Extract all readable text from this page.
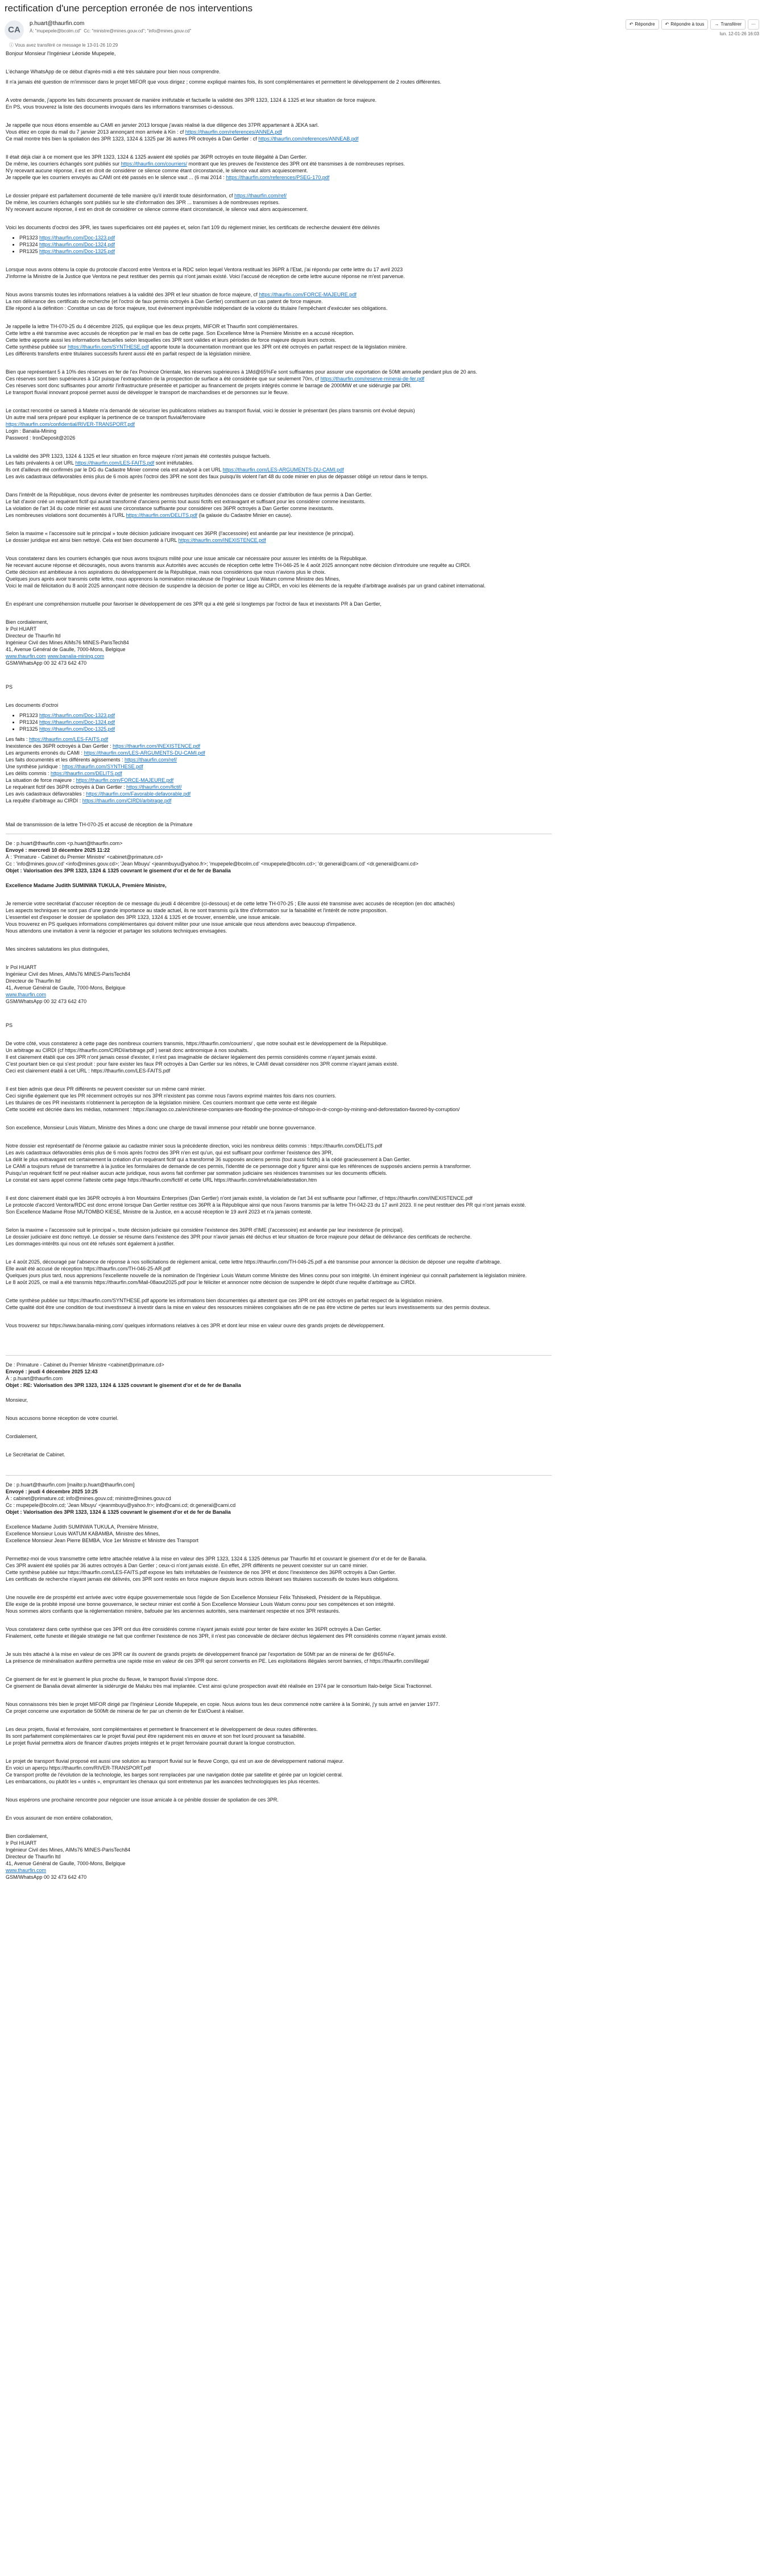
rectification d'une perception erronée de nos interventions
CA
p.huart@thaurfin.com
À: "mupepele@bcolm.cd" Cc: "ministre@mines.gouv.cd"; "info@mines.gouv.cd"
ⓘ Vous avez transféré ce message le 13-01-26 10:29
↶ Répondre ↶ Répondre à tous → Transférer	···
lun. 12-01-26 16:03

Bonjour Monsieur l'Ingénieur Léonide Mupepele,

L'échange WhatsApp de ce début d'après-midi a été très salutaire pour bien nous comprendre.

Il n'a jamais été question de m'immiscer dans le projet MIFOR que vous dirigez ; comme expliqué maintes fois, ils sont complémentaires et permettent le développement de 2 routes différentes.

A votre demande, j'apporte les faits documents prouvant de manière irréfutable et factuelle la validité des 3PR 1323, 1324 & 1325 et leur situation de force majeure.
En PS, vous trouverez la liste des documents invoqués dans les informations transmises ci-dessous.

Je rappelle que nous étions ensemble au CAMI en janvier 2013 lorsque j'avais réalisé la due diligence des 37PR appartenant à JEKA sarl.
Vous étiez en copie du mail du 7 janvier 2013 annonçant mon arrivée à Kin : cf https://thaurfin.com/references/ANNEA.pdf
Ce mail montre très bien la spoliation des 3PR 1323, 1324 & 1325 par 36 autres PR octroyés à Dan Gertler : cf https://thaurfin.com/references/ANNEAB.pdf

Il était déjà clair à ce moment que les 3PR 1323, 1324 & 1325 avaient été spoliés par 36PR octroyés en toute illégalité à Dan Gertler.
De même, les courriers échangés sont publiés sur https://thaurfin.com/courriers/ montrant que les preuves de l'existence des 3PR ont été transmises à de nombreuses reprises.
N'y recevant aucune réponse, il est en droit de considérer ce silence comme étant circonstancié, le silence vaut alors acquiescement.
Je rappelle que les courriers envoyés au CAMI ont été passés en le silence vaut ... (6 mai 2014 : https://thaurfin.com/references/PSEG-170.pdf

Le dossier préparé est parfaitement documenté de telle manière qu'il interdit toute désinformation, cf https://thaurfin.com/ref/
De même, les courriers échangés sont publiés sur le site d'information des 3PR ... transmises à de nombreuses reprises.
N'y recevant aucune réponse, il est en droit de considérer ce silence comme étant circonstancié, le silence vaut alors acquiescement.

Voici les documents d'octroi des 3PR, les taxes superficiaires ont été payées et, selon l'art 109 du règlement minier, les certificats de recherche devaient être délivrés

• PR1323 https://thaurfin.com/Doc-1323.pdf
• PR1324 https://thaurfin.com/Doc-1324.pdf
• PR1325 https://thaurfin.com/Doc-1325.pdf

Lorsque nous avons obtenu la copie du protocole d'accord entre Ventora et la RDC selon lequel Ventora restituait les 36PR à l'Etat, j'ai répondu par cette lettre du 17 avril 2023
J'informe la Ministre de la Justice que Ventora ne peut restituer des permis qui n'ont jamais existé. Voici l'accusé de réception de cette lettre aucune réponse ne m'est parvenue.

Nous avons transmis toutes les informations relatives à la validité des 3PR et leur situation de force majeure, cf https://thaurfin.com/FORCE-MAJEURE.pdf
La non délivrance des certificats de recherche (et l'octroi de faux permis octroyés à Dan Gertler) constituent un cas patent de force majeure.
Elle répond à la définition : Constitue un cas de force majeure, tout événement imprévisible indépendant de la volonté du titulaire l'empêchant d'exécuter ses obligations.

Je rappelle la lettre TH-070-25 du 4 décembre 2025, qui explique que les deux projets, MIFOR et Thaurfin sont complémentaires.
Cette lettre a été transmise avec accusés de réception par le mail en bas de cette page. Son Excellence Mme la Première Ministre en a accusé réception.
Cette lettre apporte aussi les informations factuelles selon lesquelles ces 3PR sont valides et leurs périodes de force majeure depuis leurs octrois.
Cette synthèse publiée sur https://thaurfin.com/SYNTHESE.pdf apporte toute la documentation montrant que les 3PR ont été octroyés en parfait respect de la législation minière.
Les différents transferts entre titulaires successifs furent aussi été en parfait respect de la législation minière.

Bien que représentant 5 à 10% des réserves en fer de l'ex Province Orientale, les réserves supérieures à 1Md@65%Fe sont suffisantes pour assurer une exportation de 50Mt annuelle pendant plus de 20 ans.
Ces réserves sont bien supérieures à 1Gt puisque l'extrapolation de la prospection de surface a été considérée que sur seulement 70m, cf https://thaurfin.com/reserve-minerai-de-fer.pdf
Ces réserves sont donc suffisantes pour amortir l'infrastructure présentée et participer au financement de projets intégrés comme le barrage de 2000MW et une sidérurgie par DRI.
Le transport fluvial innovant proposé permet aussi de développer le transport de marchandises et de personnes sur le fleuve.

Le contact rencontré ce samedi à Matete m'a demandé de sécuriser les publications relatives au transport fluvial, voici le dossier le présentant (les plans transmis ont évolué depuis)
Un autre mail sera préparé pour expliquer la pertinence de ce transport fluvial/ferroviaire
https://thaurfin.com/confidential/RIVER-TRANSPORT.pdf
Login : Banalia-Mining
Password : IronDeposit@2026

La validité des 3PR 1323, 1324 & 1325 et leur situation en force majeure n'ont jamais été contestés puisque factuels.
Les faits prévalents à cet URL https://thaurfin.com/LES-FAITS.pdf sont irréfutables.
Ils ont d'ailleurs été confirmés par le DG du Cadastre Minier comme cela est analysé à cet URL https://thaurfin.com/LES-ARGUMENTS-DU-CAMI.pdf
Les avis cadastraux défavorables émis plus de 6 mois après l'octroi des 3PR ne sont des faux puisqu'ils violent l'art 48 du code minier en plus de dépasser obligé un retour dans le temps.

Dans l'intérêt de la République, nous devons éviter de présenter les nombreuses turpitudes dénoncées dans ce dossier d'attribution de faux permis à Dan Gertler.
Le fait d'avoir créé un requérant fictif qui aurait transformé d'anciens permis tout aussi fictifs est extravagant et suffisant pour les considérer comme inexistants.
La violation de l'art 34 du code minier est aussi une circonstance suffisante pour considérer ces 36PR octroyés à Dan Gertler comme inexistants.
Les nombreuses violations sont documentés à l'URL https://thaurfin.com/DELITS.pdf (la galaxie du Cadastre Minier en cause).

Selon la maxime « l'accessoire suit le principal » toute décision judiciaire invoquant ces 36PR (l'accessoire) est anéantie par leur inexistence (le principal).
Le dossier juridique est ainsi bien nettoyé. Cela est bien documenté à l'URL https://thaurfin.com/INEXISTENCE.pdf

Vous constaterez dans les courriers échangés que nous avons toujours milité pour une issue amicale car nécessaire pour assurer les intérêts de la République.
Ne recevant aucune réponse et découragés, nous avons transmis aux Autorités avec accusés de réception cette lettre TH-046-25 le 4 août 2025 annonçant notre décision d'introduire une requête au CIRDI.
Cette décision est ambitieuse à nos aspirations du développement de la République, mais nous considérions que nous n'avions plus le choix.
Quelques jours après avoir transmis cette lettre, nous apprenons la nomination miraculeuse de l'Ingénieur Louis Watum comme Ministre des Mines,
Voici le mail de félicitation du 8 août 2025 annonçant notre décision de suspendre la décision de porter ce litige au CIRDI, en voici les éléments de la requête d'arbitrage avalisés par un grand cabinet international.

En espérant une compréhension mutuelle pour favoriser le développement de ces 3PR qui a été gelé si longtemps par l'octroi de faux et inexistants PR à Dan Gertler,

Bien cordialement,

Ir Pol HUART

Directeur de Thaurfin ltd

Ingénieur Civil des Mines AIMs76 MINES-ParisTech84

41, Avenue Général de Gaulle, 7000-Mons, Belgique

www.thaurfin.com www.banalia-mining.com

GSM/WhatsApp 00 32 473 642 470

PS

Les documents d'octroi

• PR1323 https://thaurfin.com/Doc-1323.pdf
• PR1324 https://thaurfin.com/Doc-1324.pdf
• PR1325 https://thaurfin.com/Doc-1325.pdf

Les faits : https://thaurfin.com/LES-FAITS.pdf

Inexistence des 36PR octroyés à Dan Gertler : https://thaurfin.com/INEXISTENCE.pdf

Les arguments erronés du CAMI : https://thaurfin.com/LES-ARGUMENTS-DU-CAMI.pdf

Les faits documentés et les différents agissements : https://thaurfin.com/ref/

Une synthèse juridique : https://thaurfin.com/SYNTHESE.pdf

Les délits commis : https://thaurfin.com/DELITS.pdf

La situation de force majeure : https://thaurfin.com/FORCE-MAJEURE.pdf

Le requérant fictif des 36PR octroyés à Dan Gertler : https://thaurfin.com/fictif/

Les avis cadastraux défavorables : https://thaurfin.com/Favorable-defavorable.pdf

La requête d'arbitrage au CIRDI : https://thaurfin.com/CIRDI/arbitrage.pdf

Mail de transmission de la lettre TH-070-25 et accusé de réception de la Primature

De : p.huart@thaurfin.com <p.huart@thaurfin.com>

Envoyé : mercredi 10 décembre 2025 11:22

À : 'Primature - Cabinet du Premier Ministre' <cabinet@primature.cd>

Cc : 'info@mines.gouv.cd' <info@mines.gouv.cd>; 'Jean Mbuyu' <jeanmbuyu@yahoo.fr>; 'mupepele@bcolm.cd' <mupepele@bcolm.cd>; 'dr.general@cami.cd' <dr.general@cami.cd>

Objet : Valorisation des 3PR 1323, 1324 & 1325 couvrant le gisement d'or et de fer de Banalia

Excellence Madame Judith SUMINWA TUKULA, Première Ministre,

Je remercie votre secrétariat d'accuser réception de ce message du jeudi 4 décembre (ci-dessous) et de cette lettre TH-070-25 ; Elle aussi été transmise avec accusés de réception (en doc attachés)
Les aspects techniques ne sont pas d'une grande importance au stade actuel, ils ne sont transmis qu'à titre d'information sur la faisabilité et l'intérêt de notre proposition.
L'essentiel est d'exposer le dossier de spoliation des 3PR 1323, 1324 & 1325 et de trouver, ensemble, une issue amicale.
Vous trouverez en PS quelques informations complémentaires qui doivent militer pour une issue amicale que nous attendons avec beaucoup d'impatience.
Nous attendons une invitation à venir la négocier et partager les solutions techniques envisagées.

Mes sincères salutations les plus distinguées,

Ir Pol HUART

Ingénieur Civil des Mines, AIMs76 MINES-ParisTech84

Directeur de Thaurfin ltd

41, Avenue Général de Gaulle, 7000-Mons, Belgique

www.thaurfin.com

GSM/WhatsApp 00 32 473 642 470

PS

De votre côté, vous constaterez à cette page des nombreux courriers transmis, https://thaurfin.com/courriers/ , que notre souhait est le développement de la République.
Un arbitrage au CIRDI (cf https://thaurfin.com/CIRDI/arbitrage.pdf ) serait donc antinomique à nos souhaits.
Il est clairement établi que ces 3PR n'ont jamais cessé d'exister, il n'est pas imaginable de déclarer légalement des permis considérés comme n'ayant jamais existé.
C'est pourtant bien ce qui s'est produit : pour faire exister les faux PR octroyés à Dan Gertler sur les nôtres, le CAMI devait considérer nos 3PR comme n'ayant jamais existé.
Ceci est clairement établi à cet URL : https://thaurfin.com/LES-FAITS.pdf

Il est bien admis que deux PR différents ne peuvent coexister sur un même carré minier.
Ceci signifie également que les PR récemment octroyés sur nos 3PR n'existent pas comme nous l'avons exprimé maintes fois dans nos courriers.
Les titulaires de ces PR inexistants n'obtiennent la perception de la législation minière. Ces courriers montrant que cette vente est illégale
Cette société est décriée dans les médias, notamment : https://amagoo.co.za/en/chinese-companies-are-flooding-the-province-of-tshopo-in-dr-congo-by-mining-and-deforestation-favored-by-corruption/

Son excellence, Monsieur Louis Watum, Ministre des Mines a donc une charge de travail immense pour rétablir une bonne gouvernance.

Notre dossier est représentatif de l'énorme galaxie au cadastre minier sous la précédente direction, voici les nombreux délits commis : https://thaurfin.com/DELITS.pdf
Les avis cadastraux défavorables émis plus de 6 mois après l'octroi des 3PR n'en est qu'un, qui est suffisant pour confirmer l'existence des 3PR,
La délit le plus extravagant est certainement la création d'un requérant fictif qui a transformé 36 supposés anciens permis (tout aussi fictifs) à la cédé gracieusement à Dan Gertler.
Le CAMI a toujours refusé de transmettre à la justice les formulaires de demande de ces permis, l'identité de ce personnage doit y figurer ainsi que les références de supposés anciens permis à transformer.
Puisqu'un requérant fictif ne peut réaliser aucun acte juridique, nous avons fait confirmer par sommation judiciaire ses résidences transmises sur les documents officiels.
Le constat est sans appel comme l'atteste cette page https://thaurfin.com/fictif/ et cette URL https://thaurfin.com/irrefutable/attestation.htm

Il est donc clairement établi que les 36PR octroyés à Iron Mountains Enterprises (Dan Gertler) n'ont jamais existé, la violation de l'art 34 est suffisante pour l'affirmer, cf https://thaurfin.com/INEXISTENCE.pdf
Le protocole d'accord Ventora/RDC est donc erroné lorsque Dan Gertler restitue ces 36PR à la République ainsi que nous l'avons transmis par la lettre TH-042-23 du 17 avril 2023. Il ne peut restituer des PR qui n'ont jamais existé.
Son Excellence Madame Rose MUTOMBO KIESE, Ministre de la Justice, en a accusé réception le 19 avril 2023 et n'a jamais contesté.

Selon la maxime « l'accessoire suit le principal », toute décision judiciaire qui considère l'existence des 36PR d'IME (l'accessoire) est anéantie par leur inexistence (le principal).
Le dossier judiciaire est donc nettoyé. Le dossier se résume dans l'existence des 3PR pour n'avoir jamais été déchus et leur situation de force majeure pour défaut de délivrance des certificats de recherche.
Les dommages-intérêts qui nous ont été refusés sont également à justifier.

Le 4 août 2025, découragé par l'absence de réponse à nos sollicitations de règlement amical, cette lettre https://thaurfin.com/TH-046-25.pdf a été transmise pour annoncer la décision de déposer une requête d'arbitrage.
Elle avait été accusé de réception https://thaurfin.com/TH-046-25-AR.pdf
Quelques jours plus tard, nous apprenions l'excellente nouvelle de la nomination de l'Ingénieur Louis Watum comme Ministre des Mines connu pour son intégrité. Un éminent ingénieur qui connaît parfaitement la législation minière.
Le 8 août 2025, ce mail a été transmis https://thaurfin.com/Mail-08aout2025.pdf pour le féliciter et annoncer notre décision de suspendre le dépôt d'une requête d'arbitrage au CIRDI.

Cette synthèse publiée sur https://thaurfin.com/SYNTHESE.pdf apporte les informations bien documentées qui attestent que ces 3PR ont été octroyés en parfait respect de la législation minière.
Cette qualité doit être une condition de tout investisseur à investir dans la mise en valeur des ressources minières congolaises afin de ne pas être victime de pertes sur leurs investissements sur des permis douteux.

Vous trouverez sur https://www.banalia-mining.com/ quelques informations relatives à ces 3PR et dont leur mise en valeur ouvre des grands projets de développement.

De : Primature - Cabinet du Premier Ministre <cabinet@primature.cd>

Envoyé : jeudi 4 décembre 2025 12:43

À : p.huart@thaurfin.com

Objet : RE: Valorisation des 3PR 1323, 1324 & 1325 couvrant le gisement d'or et de fer de Banalia

Monsieur,

Nous accusons bonne réception de votre courriel.

Cordialement,

Le Secrétariat de Cabinet.

De : p.huart@thaurfin.com [mailto:p.huart@thaurfin.com]

Envoyé : jeudi 4 décembre 2025 10:25

À : cabinet@primature.cd; info@mines.gouv.cd; ministre@mines.gouv.cd

Cc : mupepele@bcolm.cd; 'Jean Mbuyu' <jeanmbuyu@yahoo.fr>; info@cami.cd; dr.general@cami.cd

Objet : Valorisation des 3PR 1323, 1324 & 1325 couvrant le gisement d'or et de fer de Banalia

Excellence Madame Judith SUMINWA TUKULA, Première Ministre,
Excellence Monsieur Louis WATUM KABAMBA, Ministre des Mines,
Excellence Monsieur Jean Pierre BEMBA, Vice 1er Ministre et Ministre des Transport

Permettez-moi de vous transmettre cette lettre attachée relative à la mise en valeur des 3PR 1323, 1324 & 1325 détenus par Thaurfin ltd et couvrant le gisement d'or et de fer de Banalia.
Ces 3PR avaient été spoliés par 36 autres octroyés à Dan Gertler ; ceux-ci n'ont jamais existé. En effet, 2PR différents ne peuvent coexister sur un carré minier.
Cette synthèse publiée sur https://thaurfin.com/LES-FAITS.pdf expose les faits irréfutables de l'existence de nos 3PR et donc l'inexistence des 36PR octroyés à Dan Gertler.
Les certificats de recherche n'ayant jamais été délivrés, ces 3PR sont restés en force majeure depuis leurs octrois libérant ses titulaires successifs de toutes leurs obligations.

Une nouvelle ère de prospérité est arrivée avec votre équipe gouvernementale sous l'égide de Son Excellence Monsieur Félix Tshisekedi, Président de la République.
Elle exige de la probité imposé une bonne gouvernance, le secteur minier est confié à Son Excellence Monsieur Louis Watum connu pour ses compétences et son intégrité.
Nous sommes alors confiants que la réglementation minière, bafouée par les anciennes autorités, sera maintenant respectée et nos 3PR restaurés.

Vous constaterez dans cette synthèse que ces 3PR ont dus être considérés comme n'ayant jamais existé pour tenter de faire exister les 36PR octroyés à Dan Gertler.
Finalement, cette funeste et illégale stratégie ne fait que confirmer l'existence de nos 3PR, il n'est pas concevable de déclarer déchus légalement des PR considérés comme n'ayant jamais existé.

Je suis très attaché à la mise en valeur de ces 3PR car ils ouvrent de grands projets de développement financé par l'exportation de 50Mt par an de minerai de fer @65%Fe.
La présence de minéralisation aurifère permettra une rapide mise en valeur de ces 3PR qui seront convertis en PE. Les exploitations illégales seront bannies, cf https://thaurfin.com/illegal/

Ce gisement de fer est le gisement le plus proche du fleuve, le transport fluvial s'impose donc.
Ce gisement de Banalia devait alimenter la sidérurgie de Maluku très mal implantée. C'est ainsi qu'une prospection avait été réalisée en 1974 par le consortium Italo-belge Sicai Tractionnel.

Nous connaissons très bien le projet MIFOR dirigé par l'Ingénieur Léonide Mupepele, en copie. Nous avions tous les deux commencé notre carrière à la Sominki, j'y suis arrivé en janvier 1977.
Ce projet concerne une exportation de 500Mt de minerai de fer par un chemin de fer Est/Ouest à réaliser.

Les deux projets, fluvial et ferroviaire, sont complémentaires et permettent le financement et le développement de deux routes différentes.
Ils sont parfaitement complémentaires car le projet fluvial peut être rapidement mis en œuvre et son fret lourd prouvant sa faisabilité.
Le projet fluvial permettra alors de financer d'autres projets intégrés et le projet ferroviaire pourrait durant la longue construction.

Le projet de transport fluvial proposé est aussi une solution au transport fluvial sur le fleuve Congo, qui est un axe de développement national majeur.
En voici un aperçu https://thaurfin.com/RIVER-TRANSPORT.pdf
Ce transport profite de l'évolution de la technologie, les barges sont remplacées par une navigation dotée par satellite et gérée par un logiciel central.
Les embarcations, ou plutôt les « unités », empruntant les chenaux qui sont entretenus par les avancées technologiques les plus récentes.

Nous espérons une prochaine rencontre pour négocier une issue amicale à ce pénible dossier de spoliation de ces 3PR.

En vous assurant de mon entière collaboration,

Bien cordialement,

Ir Pol HUART

Ingénieur Civil des Mines, AIMs76 MINES-ParisTech84

Directeur de Thaurfin ltd

41, Avenue Général de Gaulle, 7000-Mons, Belgique

www.thaurfin.com

GSM/WhatsApp 00 32 473 642 470
